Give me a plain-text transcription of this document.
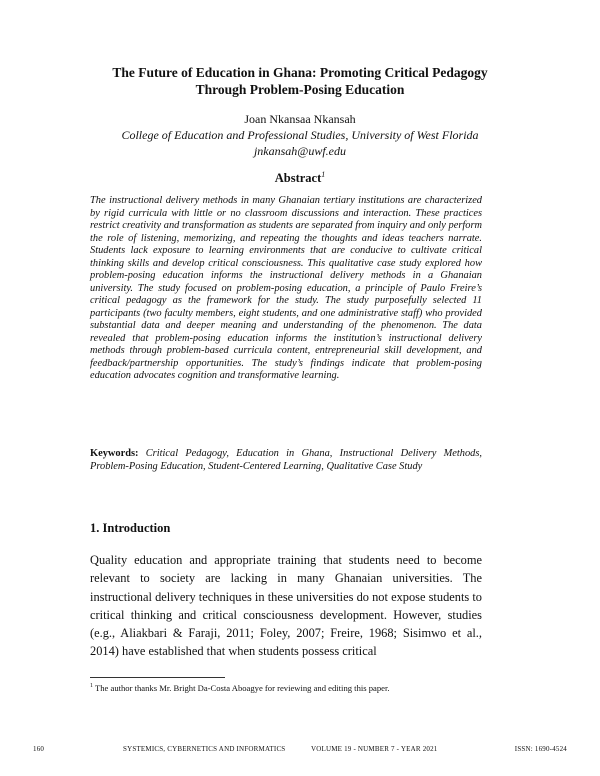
The Future of Education in Ghana: Promoting Critical Pedagogy
Through Problem-Posing Education
Joan Nkansaa Nkansah
College of Education and Professional Studies, University of West Florida
jnkansah@uwf.edu
Abstract$^1$

The instructional delivery methods in many Ghanaian tertiary institutions are characterized by rigid curricula with little or no classroom discussions and interaction. These practices restrict creativity and transformation as students are separated from inquiry and only perform the role of listening, memorizing, and repeating the thoughts and ideas teachers narrate. Students lack exposure to learning environments that are conducive to cultivate critical thinking skills and develop critical consciousness. This qualitative case study explored how problem-posing education informs the instructional delivery methods in a Ghanaian university. The study focused on problem-posing education, a principle of Paulo Freire’s critical pedagogy as the framework for the study. The study purposefully selected 11 participants (two faculty members, eight students, and one administrative staff) who provided substantial data and deeper meaning and understanding of the phenomenon. The data revealed that problem-posing education informs the institution’s instructional delivery methods through problem-based curricula content, entrepreneurial skill development, and feedback/partnership opportunities. The study’s findings indicate that problem-posing education advocates cognition and transformative learning.

Keywords: Critical Pedagogy, Education in Ghana, Instructional Delivery Methods, Problem-Posing Education, Student-Centered Learning, Qualitative Case Study

1. Introduction

Quality education and appropriate training that students need to become relevant to society are lacking in many Ghanaian universities. The instructional delivery techniques in these universities do not expose students to critical thinking and critical consciousness development. However, studies (e.g., Aliakbari & Faraji, 2011; Foley, 2007; Freire, 1968; Sisimwo et al., 2014) have established that when students possess critical

$^1$ The author thanks Mr. Bright Da-Costa Aboagye for reviewing and editing this paper.
160	SYSTEMICS, CYBERNETICS AND INFORMATICS	VOLUME 19 - NUMBER 7 - YEAR 2021	ISSN: 1690-4524
